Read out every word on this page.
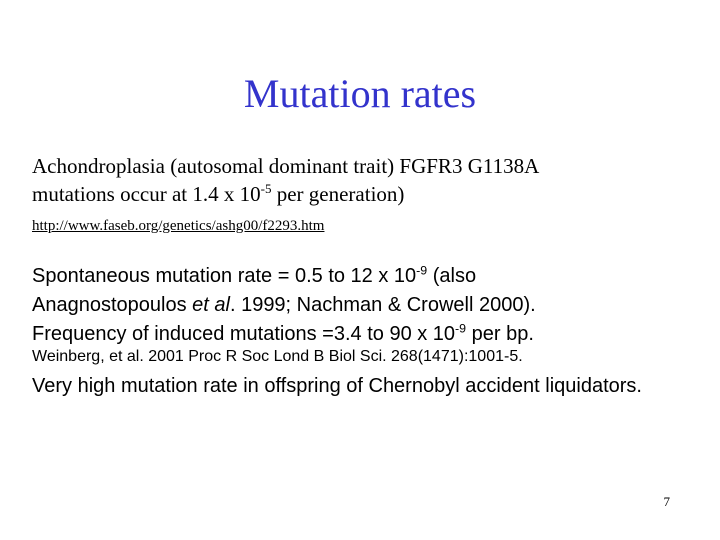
Mutation rates
Achondroplasia (autosomal dominant trait) FGFR3 G1138A
mutations occur at 1.4 x $10^{-5}$ per generation)
http://www.faseb.org/genetics/ashg00/f2293.htm
Spontaneous mutation rate = 0.5 to 12 x $10^{-9}$ (also
Anagnostopoulos et al. 1999; Nachman & Crowell 2000).
Frequency of induced mutations =3.4 to 90 x $10^{-9}$ per bp.
Weinberg, et al. 2001 Proc R Soc Lond B Biol Sci. 268(1471):1001-5.
Very high mutation rate in offspring of Chernobyl accident liquidators.
7
